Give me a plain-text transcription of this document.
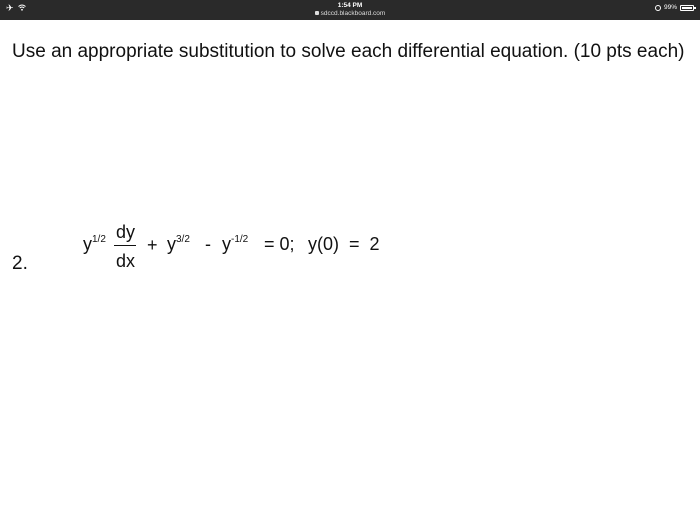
✈	1:54 PM
sdccd.blackboard.com
99%
Use an appropriate substitution to solve each differential equation. (10 pts each)
2.
$y^{1/2}$ dy
dx
+ $y^{3/2} - y^{-1/2} = 0$; y(0)  =  2
